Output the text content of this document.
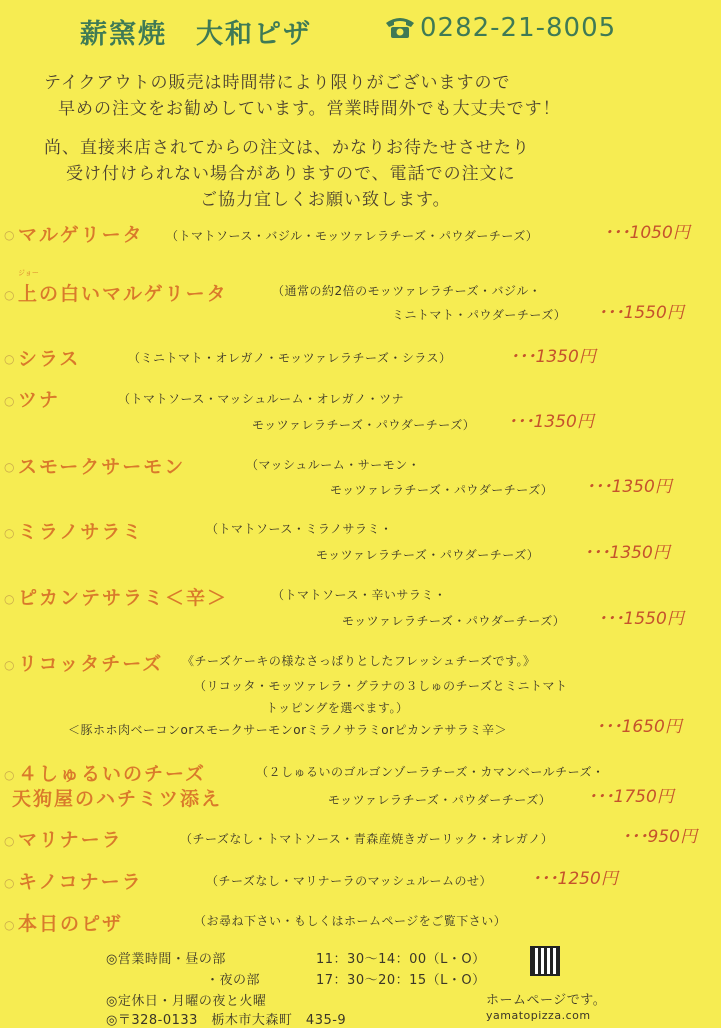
薪窯焼　大和ピザ	0282-21-8005
テイクアウトの販売は時間帯により限りがございますので
早めの注文をお勧めしています。営業時間外でも大丈夫です！
尚、直接来店されてからの注文は、かなりお待たせさせたり
受け付けられない場合がありますので、電話での注文に
ご協力宜しくお願い致します。
○ マルゲリータ （トマトソース・バジル・モッツァレラチーズ・パウダーチーズ）	･･･1050円
ジョー
○ 上の白いマルゲリータ	（通常の約2倍のモッツァレラチーズ・バジル・
ミニトマト・パウダーチーズ） ･･･1550円
○ シラス	（ミニトマト・オレガノ・モッツァレラチーズ・シラス）	･･･1350円
○ ツナ	（トマトソース・マッシュルーム・オレガノ・ツナ
モッツァレラチーズ・パウダーチーズ） ･･･1350円
○ スモークサーモン	（マッシュルーム・サーモン・
モッツァレラチーズ・パウダーチーズ） ･･･1350円
○ ミラノサラミ	（トマトソース・ミラノサラミ・
モッツァレラチーズ・パウダーチーズ）	･･･1350円
○ ピカンテサラミ＜辛＞	（トマトソース・辛いサラミ・
モッツァレラチーズ・パウダーチーズ） ･･･1550円
○ リコッタチーズ 《チーズケーキの様なさっぱりとしたフレッシュチーズです。》
（リコッタ・モッツァレラ・グラナの３しゅのチーズとミニトマト
トッピングを選べます。）
＜豚ホホ肉ベーコンorスモークサーモンorミラノサラミorピカンテサラミ辛＞	･･･1650円
○ ４しゅるいのチーズ
天狗屋のハチミツ添え
（２しゅるいのゴルゴンゾーラチーズ・カマンベールチーズ・
モッツァレラチーズ・パウダーチーズ） ･･･1750円
○ マリナーラ	（チーズなし・トマトソース・青森産焼きガーリック・オレガノ）	･･･950円
○ キノコナーラ	（チーズなし・マリナーラのマッシュルームのせ） ･･･1250円
○ 本日のピザ	（お尋ね下さい・もしくはホームページをご覧下さい）
◎営業時間・昼の部	11：30〜14：00（L・O）
・夜の部	17：30〜20：15（L・O）
◎定休日・月曜の夜と火曜
◎〒328-0133　栃木市大森町　435-9
ホームページです。
yamatopizza.com
